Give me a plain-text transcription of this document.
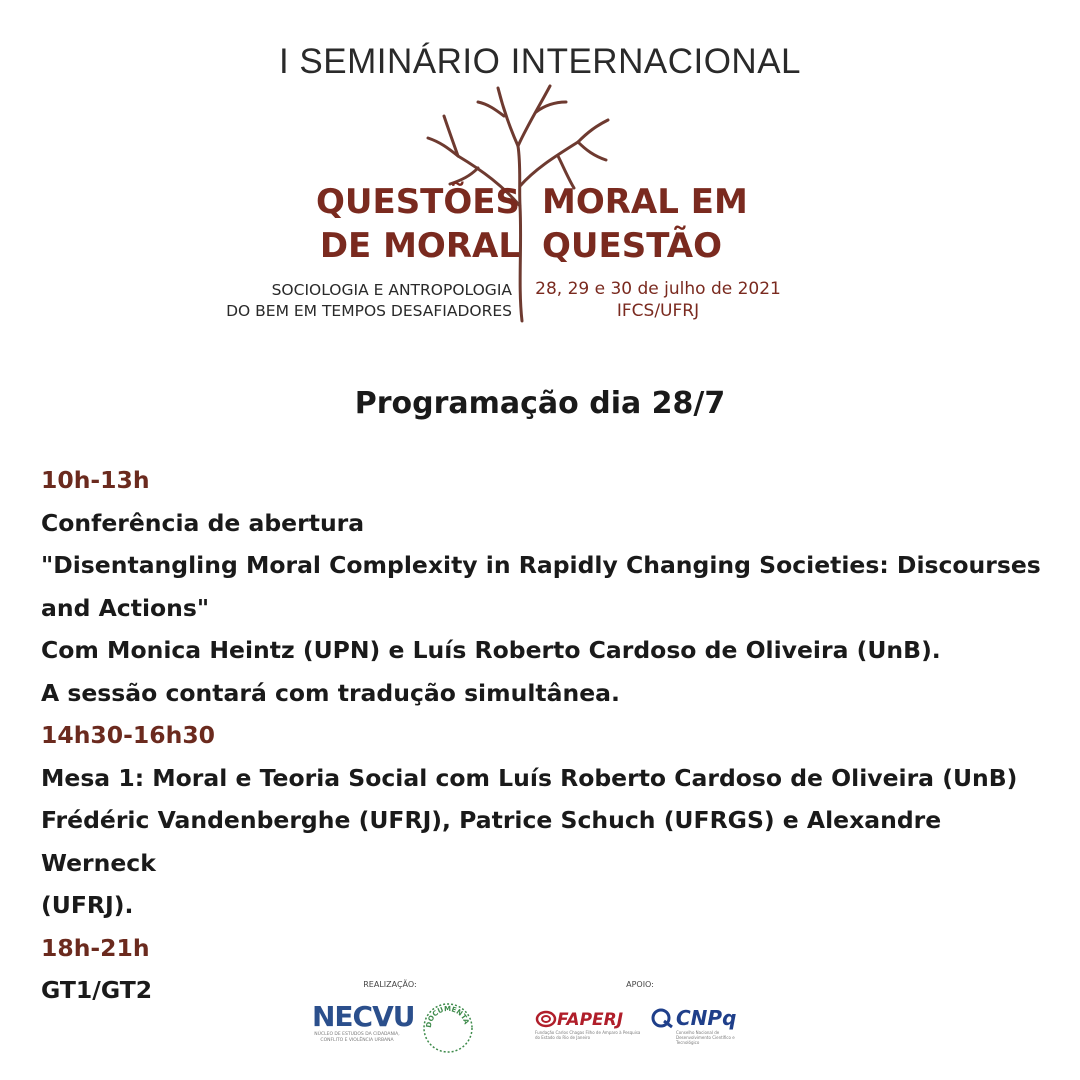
I SEMINÁRIO INTERNACIONAL
QUESTÕES
DE MORAL
MORAL EM
QUESTÃO
SOCIOLOGIA E ANTROPOLOGIA
DO BEM EM TEMPOS DESAFIADORES
28, 29 e 30 de julho de 2021
IFCS/UFRJ
Programação dia 28/7
10h-13h
Conferência de abertura
"Disentangling Moral Complexity in Rapidly Changing Societies: Discourses
and Actions"
Com Monica Heintz (UPN) e Luís Roberto Cardoso de Oliveira (UnB).
A sessão contará com tradução simultânea.
14h30-16h30
Mesa 1: Moral e Teoria Social com Luís Roberto Cardoso de Oliveira (UnB)
Frédéric Vandenberghe (UFRJ), Patrice Schuch (UFRGS) e Alexandre Werneck
(UFRJ).
18h-21h
GT1/GT2	REALIZAÇÃO:	APOIO:
NECVU
NÚCLEO DE ESTUDOS DA CIDADANIA, CONFLITO E VIOLÊNCIA URBANA
DOCUMENTA	FAPERJ
Fundação Carlos Chagas Filho de Amparo à Pesquisa do Estado do Rio de Janeiro
CNPq
Conselho Nacional de Desenvolvimento Científico e Tecnológico
